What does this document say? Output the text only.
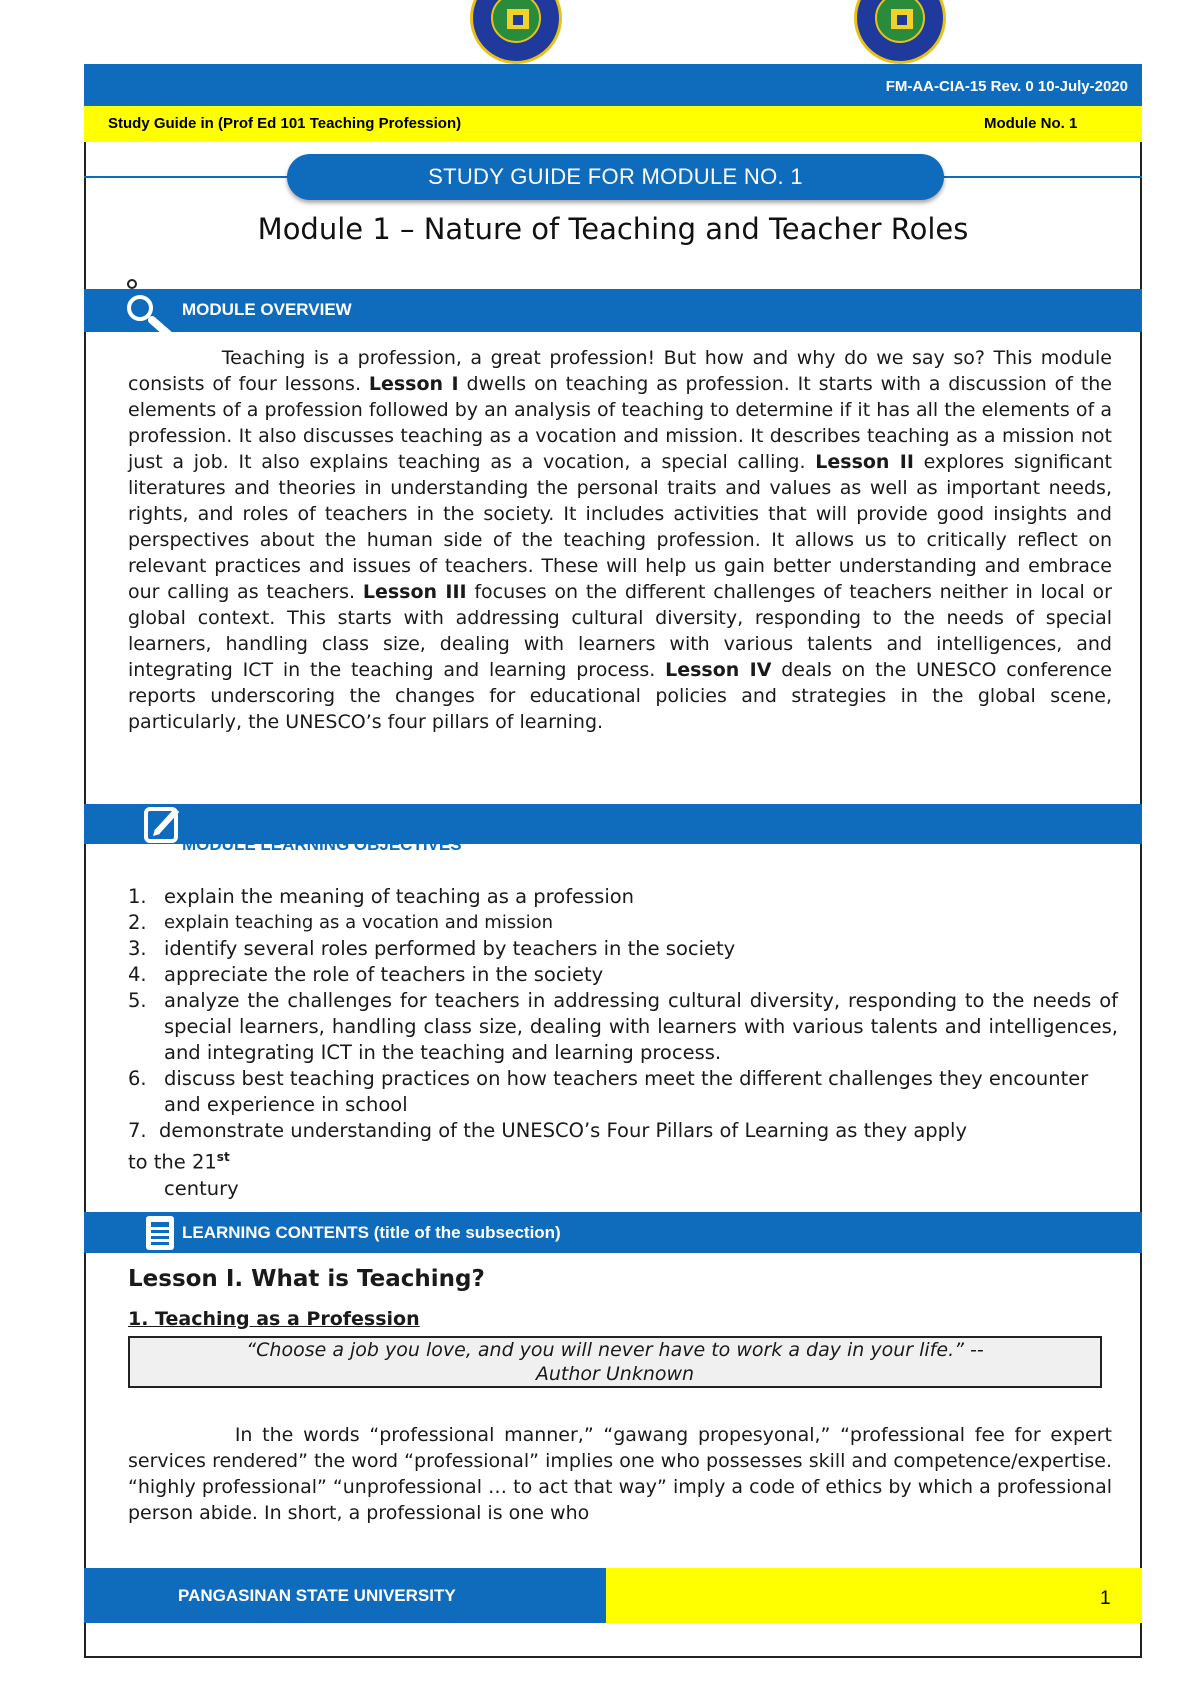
FM-AA-CIA-15 Rev. 0 10-July-2020
Study Guide in (Prof Ed 101 Teaching Profession)	Module No. 1
STUDY GUIDE FOR MODULE NO. 1
Module 1 – Nature of Teaching and Teacher Roles
MODULE OVERVIEW
Teaching is a profession, a great profession! But how and why do we say so? This module consists of four lessons. Lesson I dwells on teaching as profession. It starts with a discussion of the elements of a profession followed by an analysis of teaching to determine if it has all the elements of a profession. It also discusses teaching as a vocation and mission. It describes teaching as a mission not just a job. It also explains teaching as a vocation, a special calling. Lesson II explores significant literatures and theories in understanding the personal traits and values as well as important needs, rights, and roles of teachers in the society. It includes activities that will provide good insights and perspectives about the human side of the teaching profession. It allows us to critically reflect on relevant practices and issues of teachers. These will help us gain better understanding and embrace our calling as teachers. Lesson III focuses on the different challenges of teachers neither in local or global context. This starts with addressing cultural diversity, responding to the needs of special learners, handling class size, dealing with learners with various talents and intelligences, and integrating ICT in the teaching and learning process. Lesson IV deals on the UNESCO conference reports underscoring the changes for educational policies and strategies in the global scene, particularly, the UNESCO’s four pillars of learning.
MODULE LEARNING OBJECTIVES
1. explain the meaning of teaching as a profession
2. explain teaching as a vocation and mission
3. identify several roles performed by teachers in the society
4. appreciate the role of teachers in the society
5. analyze the challenges for teachers in addressing cultural diversity, responding to the needs of special learners, handling class size, dealing with learners with various talents and intelligences, and integrating ICT in the teaching and learning process.
6. discuss best teaching practices on how teachers meet the different challenges they encounter and experience in school
7. demonstrate understanding of the UNESCO’s Four Pillars of Learning as they apply
to the 21st
century
LEARNING CONTENTS (title of the subsection)
Lesson I. What is Teaching?
1. Teaching as a Profession
“Choose a job you love, and you will never have to work a day in your life.” --
Author Unknown
In the words “professional manner,” “gawang propesyonal,” “professional fee for expert services rendered” the word “professional” implies one who possesses skill and competence/expertise. “highly professional” “unprofessional … to act that way” imply a code of ethics by which a professional person abide. In short, a professional is one who
PANGASINAN STATE UNIVERSITY	1
